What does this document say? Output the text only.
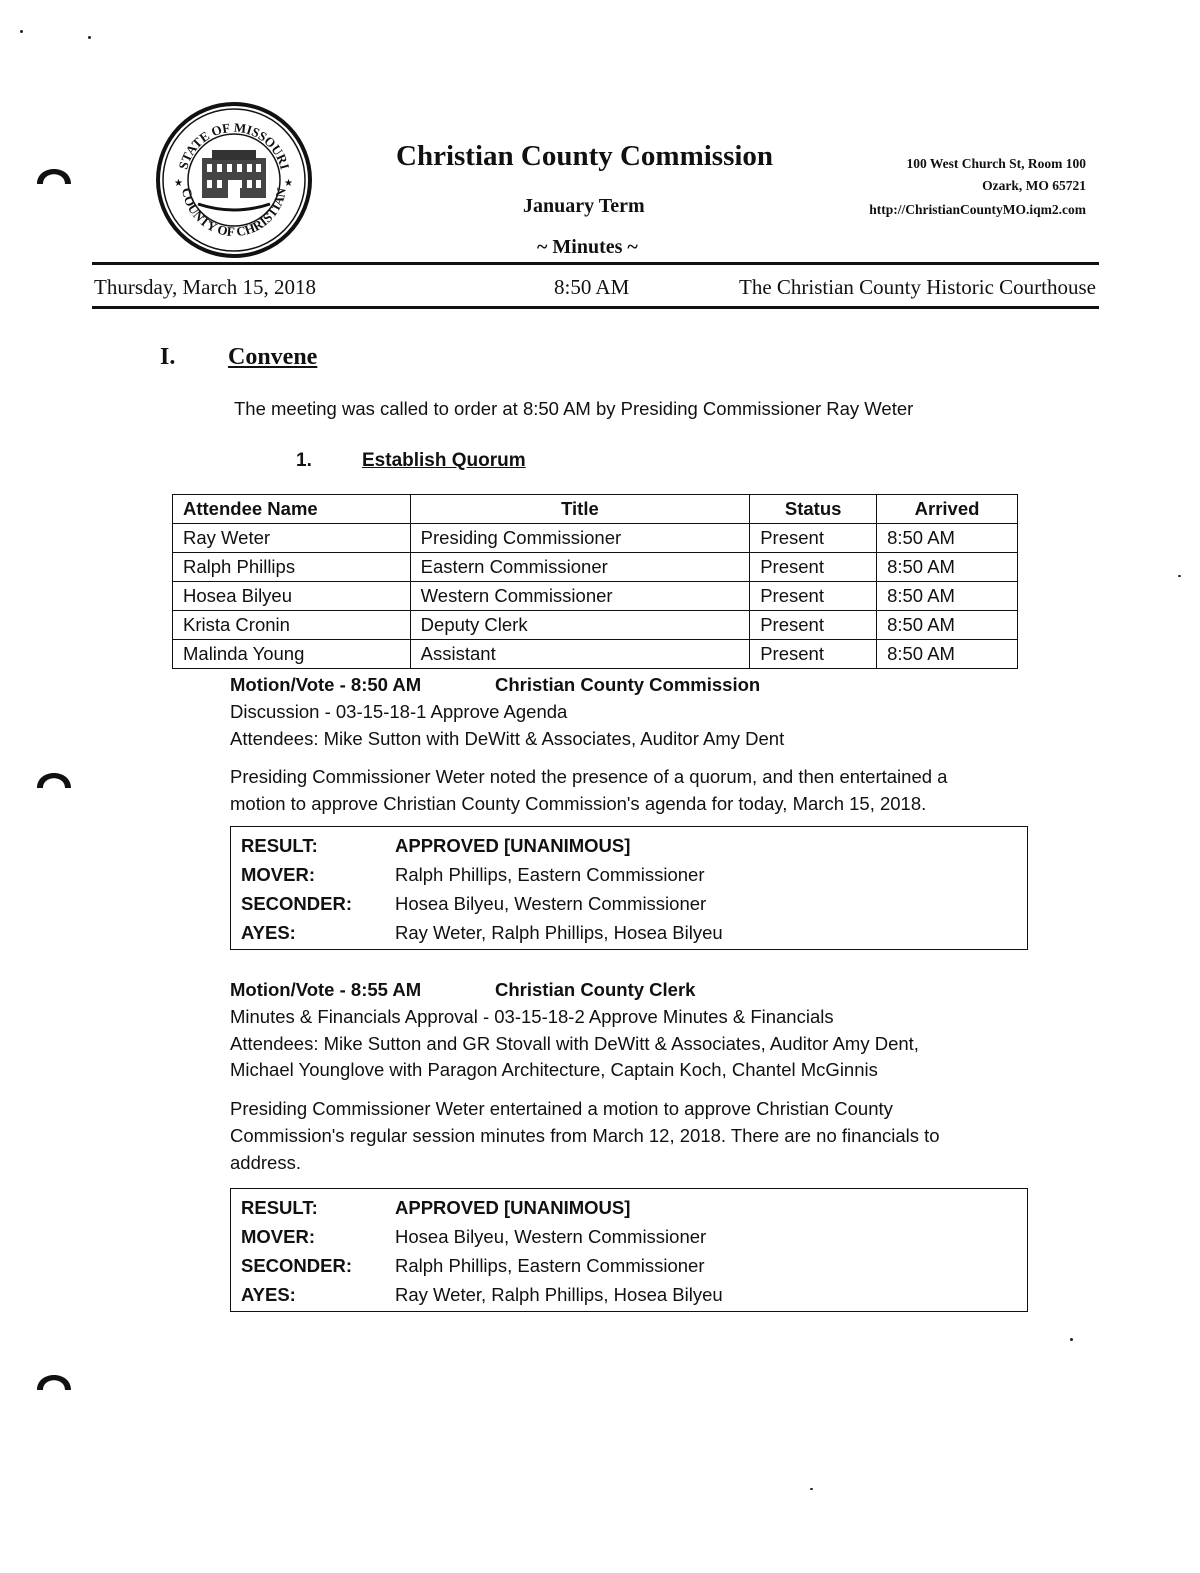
STATE OF MISSOURI
COUNTY OF CHRISTIAN
★	★
Christian County Commission
January Term
~ Minutes ~
100 West Church St, Room 100
Ozark, MO 65721
http://ChristianCountyMO.iqm2.com
Thursday, March 15, 2018	8:50 AM	The Christian County Historic Courthouse
I. Convene
The meeting was called to order at 8:50 AM by Presiding Commissioner Ray Weter
1.	Establish Quorum
Attendee Name	Title	Status	Arrived
Ray Weter	Presiding Commissioner	Present	8:50 AM
Ralph Phillips	Eastern Commissioner	Present	8:50 AM
Hosea Bilyeu	Western Commissioner	Present	8:50 AM
Krista Cronin	Deputy Clerk	Present	8:50 AM
Malinda Young	Assistant	Present	8:50 AM
Motion/Vote - 8:50 AM	Christian County Commission
Discussion - 03-15-18-1 Approve Agenda
Attendees: Mike Sutton with DeWitt & Associates, Auditor Amy Dent
Presiding Commissioner Weter noted the presence of a quorum, and then entertained a
motion to approve Christian County Commission's agenda for today, March 15, 2018.
RESULT:	APPROVED [UNANIMOUS]
MOVER:	Ralph Phillips, Eastern Commissioner
SECONDER:	Hosea Bilyeu, Western Commissioner
AYES:	Ray Weter, Ralph Phillips, Hosea Bilyeu
Motion/Vote - 8:55 AM	Christian County Clerk
Minutes & Financials Approval - 03-15-18-2 Approve Minutes & Financials
Attendees: Mike Sutton and GR Stovall with DeWitt & Associates, Auditor Amy Dent,
Michael Younglove with Paragon Architecture, Captain Koch, Chantel McGinnis
Presiding Commissioner Weter entertained a motion to approve Christian County
Commission's regular session minutes from March 12, 2018. There are no financials to
address.
RESULT:	APPROVED [UNANIMOUS]
MOVER:	Hosea Bilyeu, Western Commissioner
SECONDER:	Ralph Phillips, Eastern Commissioner
AYES:	Ray Weter, Ralph Phillips, Hosea Bilyeu
